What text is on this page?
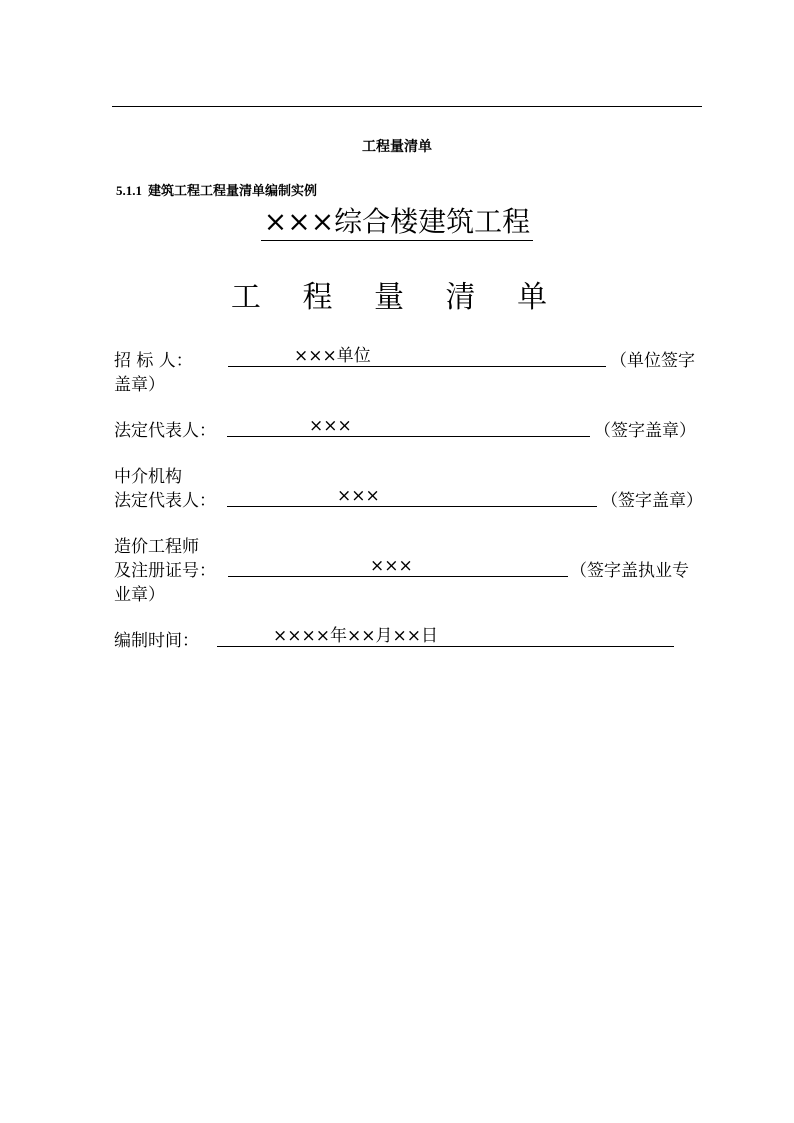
工程量清单
5.1.1 建筑工程工程量清单编制实例
×××综合楼建筑工程
工 程 量 清 单
招 标 人：	×××单位	（单位签字
盖章）
法定代表人：	×××	（签字盖章）
中介机构
法定代表人：	×××	（签字盖章）
造价工程师
及注册证号：	×××	（签字盖执业专
业章）
编制时间：	××××年××月××日
